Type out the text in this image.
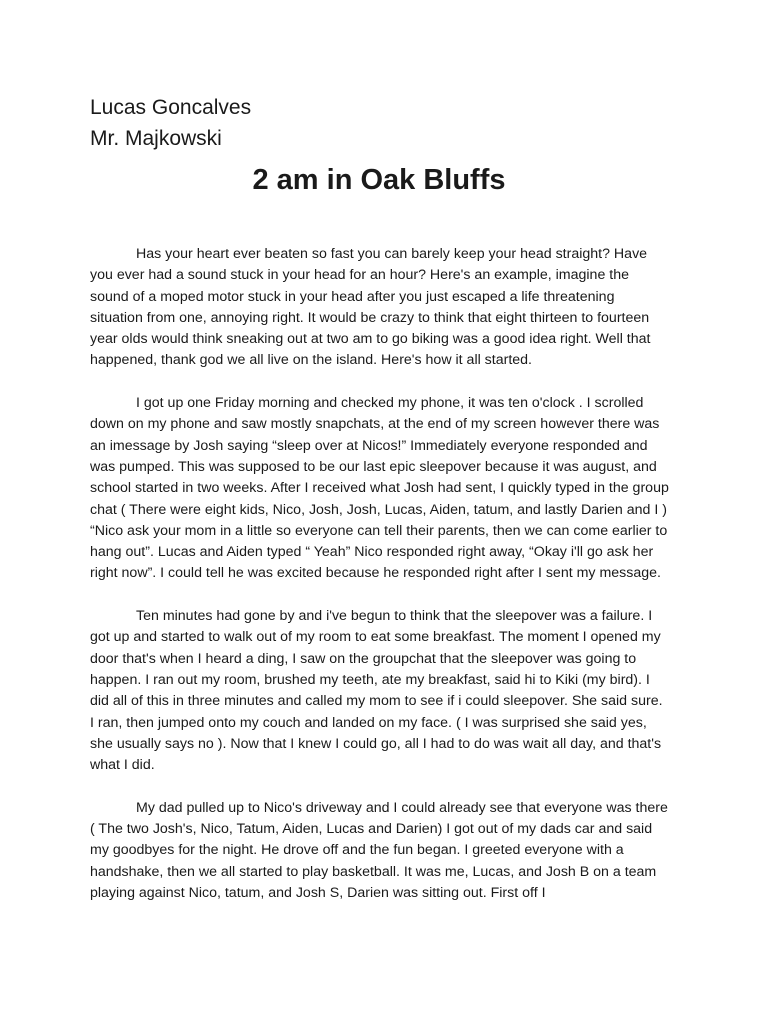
Lucas Goncalves

Mr. Majkowski

2 am in Oak Bluffs

Has your heart ever beaten so fast you can barely keep your head straight? Have you ever had a sound stuck in your head for an hour? Here's an example, imagine the sound of a moped motor stuck in your head after you just escaped a life threatening situation from one, annoying right. It would be crazy to think that eight thirteen to fourteen year olds would think sneaking out at two am to go biking was a good idea right. Well that happened, thank god we all live on the island. Here's how it all started.

I got up one Friday morning and checked my phone, it was ten o'clock . I scrolled down on my phone and saw mostly snapchats, at the end of my screen however there was an imessage by Josh saying “sleep over at Nicos!” Immediately everyone responded and was pumped. This was supposed to be our last epic sleepover because it was august, and school started in two weeks. After I received what Josh had sent, I quickly typed in the group chat ( There were eight kids, Nico, Josh, Josh, Lucas, Aiden, tatum, and lastly Darien and I ) “Nico ask your mom in a little so everyone can tell their parents, then we can come earlier to hang out”. Lucas and Aiden typed “ Yeah” Nico responded right away, “Okay i'll go ask her right now”. I could tell he was excited because he responded right after I sent my message.

Ten minutes had gone by and i've begun to think that the sleepover was a failure. I got up and started to walk out of my room to eat some breakfast. The moment I opened my door that's when I heard a ding, I saw on the groupchat that the sleepover was going to happen. I ran out my room, brushed my teeth, ate my breakfast, said hi to Kiki (my bird). I did all of this in three minutes and called my mom to see if i could sleepover. She said sure. I ran, then jumped onto my couch and landed on my face. ( I was surprised she said yes, she usually says no ). Now that I knew I could go, all I had to do was wait all day, and that's what I did.

My dad pulled up to Nico's driveway and I could already see that everyone was there ( The two Josh's, Nico, Tatum, Aiden, Lucas and Darien) I got out of my dads car and said my goodbyes for the night. He drove off and the fun began. I greeted everyone with a handshake, then we all started to play basketball. It was me, Lucas, and Josh B on a team playing against Nico, tatum, and Josh S, Darien was sitting out. First off I
